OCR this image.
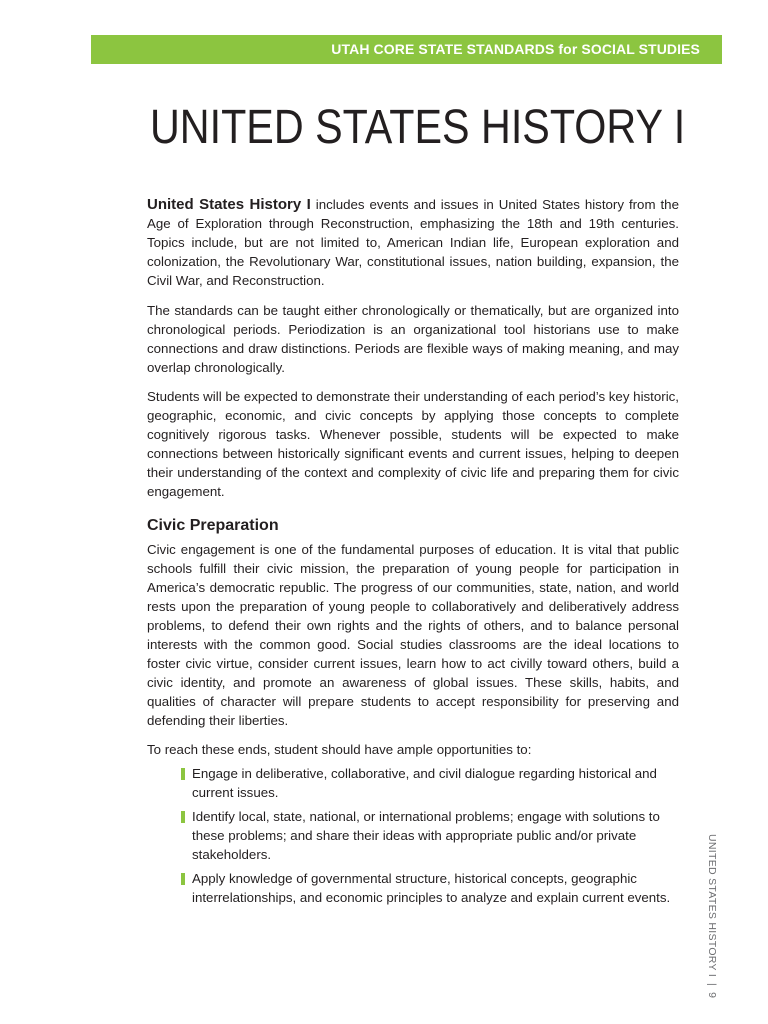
UTAH CORE STATE STANDARDS for SOCIAL STUDIES
UNITED STATES HISTORY I

United States History I includes events and issues in United States history from the Age of Exploration through Reconstruction, emphasizing the 18th and 19th centuries. Topics include, but are not limited to, American Indian life, European exploration and colonization, the Revolutionary War, constitutional issues, nation building, expansion, the Civil War, and Reconstruction.

The standards can be taught either chronologically or thematically, but are organized into chronological periods. Periodization is an organizational tool historians use to make connections and draw distinctions. Periods are flexible ways of making meaning, and may overlap chronologically.

Students will be expected to demonstrate their understanding of each period’s key historic, geographic, economic, and civic concepts by applying those concepts to complete cognitively rigorous tasks. Whenever possible, students will be expected to make connections between historically significant events and current issues, helping to deepen their understanding of the context and complexity of civic life and preparing them for civic engagement.

Civic Preparation

Civic engagement is one of the fundamental purposes of education. It is vital that public schools fulfill their civic mission, the preparation of young people for participation in America’s democratic republic. The progress of our communities, state, nation, and world rests upon the preparation of young people to collaboratively and deliberatively address problems, to defend their own rights and the rights of others, and to balance personal interests with the common good. Social studies classrooms are the ideal locations to foster civic virtue, consider current issues, learn how to act civilly toward others, build a civic identity, and promote an awareness of global issues. These skills, habits, and qualities of character will prepare students to accept responsibility for preserving and defending their liberties.

To reach these ends, student should have ample opportunities to:

Engage in deliberative, collaborative, and civil dialogue regarding historical and current issues.
Identify local, state, national, or international problems; engage with solutions to these problems; and share their ideas with appropriate public and/or private stakeholders.
Apply knowledge of governmental structure, historical concepts, geographic interrelationships, and economic principles to analyze and explain current events.	UNITED STATES HISTORY I|9
